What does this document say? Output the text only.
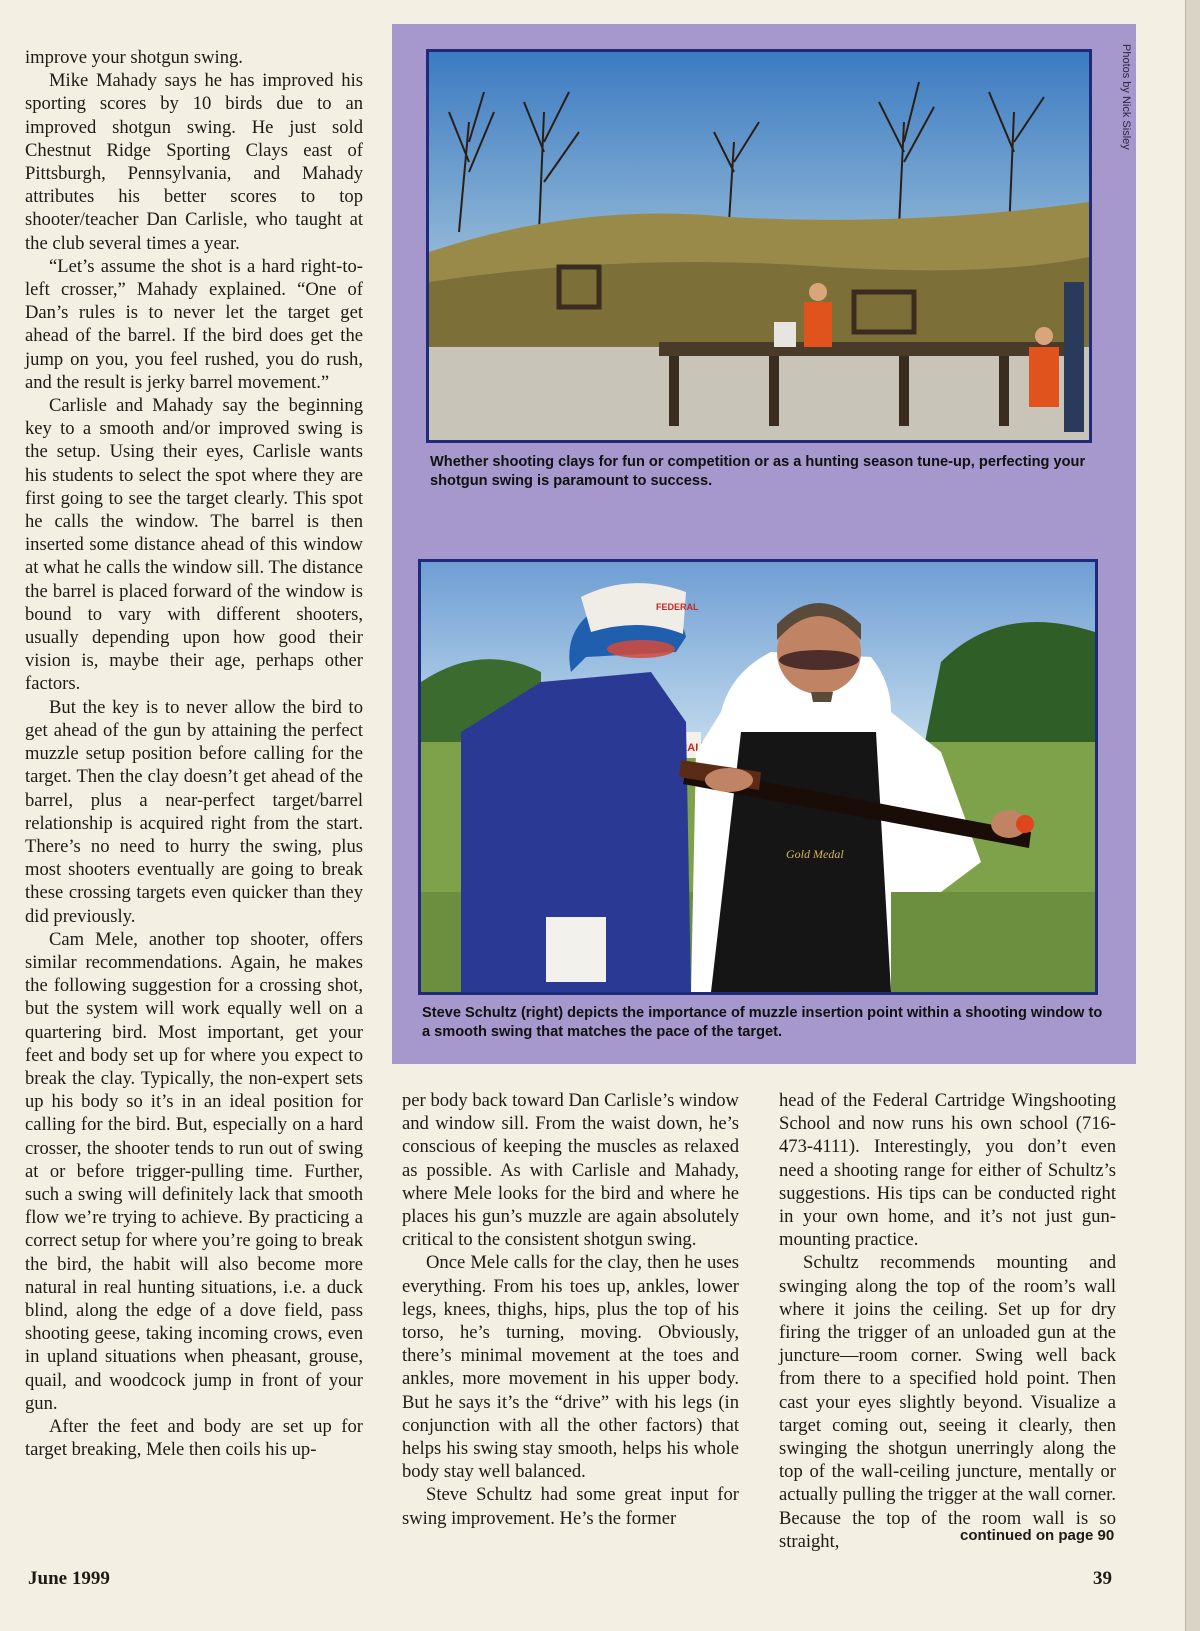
improve your shotgun swing.

Mike Mahady says he has improved his sporting scores by 10 birds due to an improved shotgun swing. He just sold Chestnut Ridge Sporting Clays east of Pittsburgh, Pennsylvania, and Mahady attributes his better scores to top shooter/teacher Dan Carlisle, who taught at the club several times a year.

“Let’s assume the shot is a hard right-to-left crosser,” Mahady explained. “One of Dan’s rules is to never let the target get ahead of the barrel. If the bird does get the jump on you, you feel rushed, you do rush, and the result is jerky barrel movement.”

Carlisle and Mahady say the beginning key to a smooth and/or improved swing is the setup. Using their eyes, Carlisle wants his students to select the spot where they are first going to see the target clearly. This spot he calls the window. The barrel is then inserted some distance ahead of this window at what he calls the window sill. The distance the barrel is placed forward of the window is bound to vary with different shooters, usually depending upon how good their vision is, maybe their age, perhaps other factors.

But the key is to never allow the bird to get ahead of the gun by attaining the perfect muzzle setup position before calling for the target. Then the clay doesn’t get ahead of the barrel, plus a near-perfect target/barrel relationship is acquired right from the start. There’s no need to hurry the swing, plus most shooters eventually are going to break these crossing targets even quicker than they did previously.

Cam Mele, another top shooter, offers similar recommendations. Again, he makes the following suggestion for a crossing shot, but the system will work equally well on a quartering bird. Most important, get your feet and body set up for where you expect to break the clay. Typically, the non-expert sets up his body so it’s in an ideal position for calling for the bird. But, especially on a hard crosser, the shooter tends to run out of swing at or before trigger-pulling time. Further, such a swing will definitely lack that smooth flow we’re trying to achieve. By practicing a correct setup for where you’re going to break the bird, the habit will also become more natural in real hunting situations, i.e. a duck blind, along the edge of a dove field, pass shooting geese, taking incoming crows, even in upland situations when pheasant, grouse, quail, and woodcock jump in front of your gun.

After the feet and body are set up for target breaking, Mele then coils his up-

Photos by Nick Sisley
Whether shooting clays for fun or competition or as a hunting season tune-up, perfecting your shotgun swing is paramount to success.
FEDERAL
Gold Medal
Steve Schultz (right) depicts the importance of muzzle insertion point within a shooting window to a smooth swing that matches the pace of the target.

per body back toward Dan Carlisle’s window and window sill. From the waist down, he’s conscious of keeping the muscles as relaxed as possible. As with Carlisle and Mahady, where Mele looks for the bird and where he places his gun’s muzzle are again absolutely critical to the consistent shotgun swing.

Once Mele calls for the clay, then he uses everything. From his toes up, ankles, lower legs, knees, thighs, hips, plus the top of his torso, he’s turning, moving. Obviously, there’s minimal movement at the toes and ankles, more movement in his upper body. But he says it’s the “drive” with his legs (in conjunction with all the other factors) that helps his swing stay smooth, helps his whole body stay well balanced.

Steve Schultz had some great input for swing improvement. He’s the former

head of the Federal Cartridge Wingshooting School and now runs his own school (716-473-4111). Interestingly, you don’t even need a shooting range for either of Schultz’s suggestions. His tips can be conducted right in your own home, and it’s not just gun-mounting practice.

Schultz recommends mounting and swinging along the top of the room’s wall where it joins the ceiling. Set up for dry firing the trigger of an unloaded gun at the juncture—room corner. Swing well back from there to a specified hold point. Then cast your eyes slightly beyond. Visualize a target coming out, seeing it clearly, then swinging the shotgun unerringly along the top of the wall-ceiling juncture, mentally or actually pulling the trigger at the wall corner. Because the top of the room wall is so straight,	continued on page 90
June 1999	39
